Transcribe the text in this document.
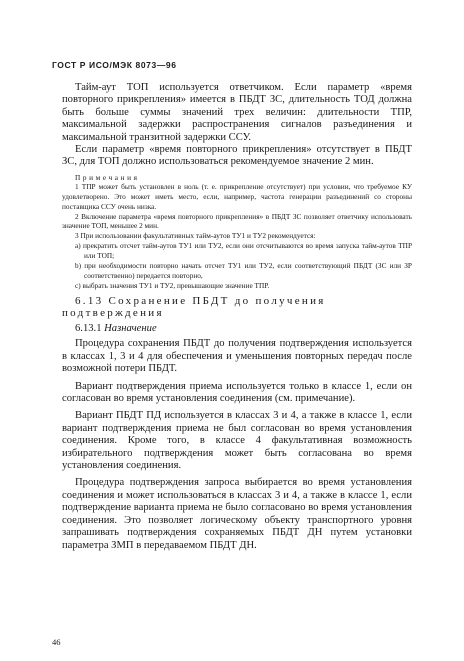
ГОСТ Р ИСО/МЭК 8073—96

Тайм-аут ТОП используется ответчиком. Если параметр «время повторного прикрепления» имеется в ПБДТ ЗС, длительность ТОД должна быть больше суммы значений трех величин: длительности ТПР, максимальной задержки распространения сигналов разъединения и максимальной транзитной задержки ССУ.

Если параметр «время повторного прикрепления» отсутствует в ПБДТ ЗС, для ТОП должно использоваться рекомендуемое значение 2 мин.

Примечания

1 ТПР может быть установлен в ноль (т. е. прикрепление отсутствует) при условии, что требуемое КУ удовлетворено. Это может иметь место, если, например, частота генерации разъединений со стороны поставщика ССУ очень низка.

2 Включение параметра «время повторного прикрепления» в ПБДТ ЗС позволяет ответчику использовать значение ТОП, меньшее 2 мин.

3 При использовании факультативных тайм-аутов ТУ1 и ТУ2 рекомендуется:

а) прекратить отсчет тайм-аутов ТУ1 или ТУ2, если они отсчитываются во время запуска тайм-аутов ТПР или ТОП;

b) при необходимости повторно начать отсчет ТУ1 или ТУ2, если соответствующий ПБДТ (ЗС или ЗР соответственно) передается повторно,

c) выбрать значения ТУ1 и ТУ2, превышающие значение ТПР.

6.13 Сохранение ПБДТ до получения подтверждения

6.13.1 Назначение

Процедура сохранения ПБДТ до получения подтверждения используется в классах 1, 3 и 4 для обеспечения и уменьшения повторных передач после возможной потери ПБДТ.

Вариант подтверждения приема используется только в классе 1, если он согласован во время установления соединения (см. примечание).

Вариант ПБДТ ПД используется в классах 3 и 4, а также в классе 1, если вариант подтверждения приема не был согласован во время установления соединения. Кроме того, в классе 4 факультативная возможность избирательного подтверждения может быть согласована во время установления соединения.

Процедура подтверждения запроса выбирается во время установления соединения и может использоваться в классах 3 и 4, а также в классе 1, если подтверждение варианта приема не было согласовано во время установления соединения. Это позволяет логическому объекту транспортного уровня запрашивать подтверждения сохраняемых ПБДТ ДН путем установки параметра ЗМП в передаваемом ПБДТ ДН.

46
